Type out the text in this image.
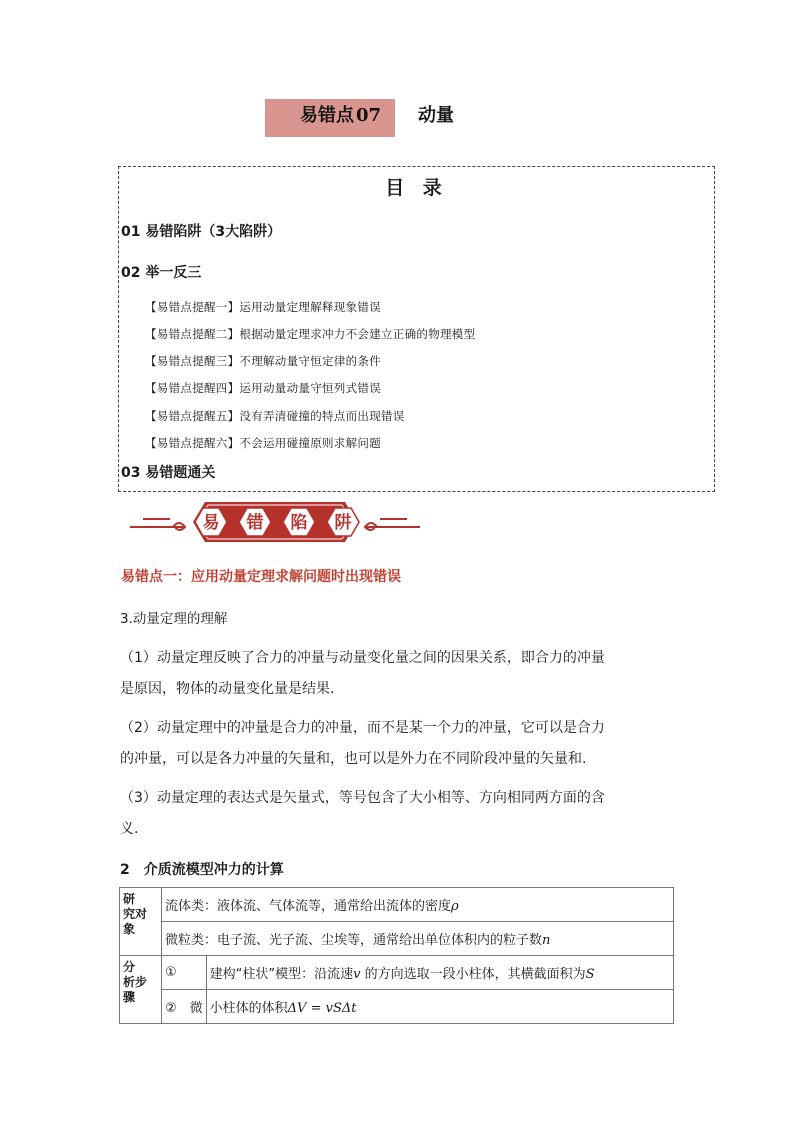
易错点 07 动量
目 录
01 易错陷阱（3大陷阱）
02 举一反三
【易错点提醒一】运用动量定理解释现象错误
【易错点提醒二】根据动量定理求冲力不会建立正确的物理模型
【易错点提醒三】不理解动量守恒定律的条件
【易错点提醒四】运用动量动量守恒列式错误
【易错点提醒五】没有弄清碰撞的特点而出现错误
【易错点提醒六】不会运用碰撞原则求解问题
03 易错题通关
易 错 陷 阱
易错点一：应用动量定理求解问题时出现错误
3.动量定理的理解
（1）动量定理反映了合力的冲量与动量变化量之间的因果关系，即合力的冲量
是原因，物体的动量变化量是结果.
（2）动量定理中的冲量是合力的冲量，而不是某一个力的冲量，它可以是合力
的冲量，可以是各力冲量的矢量和，也可以是外力在不同阶段冲量的矢量和.
（3）动量定理的表达式是矢量式，等号包含了大小相等、方向相同两方面的含
义.
2　介质流模型冲力的计算
研　究对象	流体类：液体流、气体流等，通常给出流体的密度ρ	
	微粒类：电子流、光子流、尘埃等，通常给出单位体积内的粒子数n	
分　析步骤	①	建构“柱状”模型：沿流速v 的方向选取一段小柱体，其横截面积为S
	②　微	小柱体的体积ΔV = vSΔt
